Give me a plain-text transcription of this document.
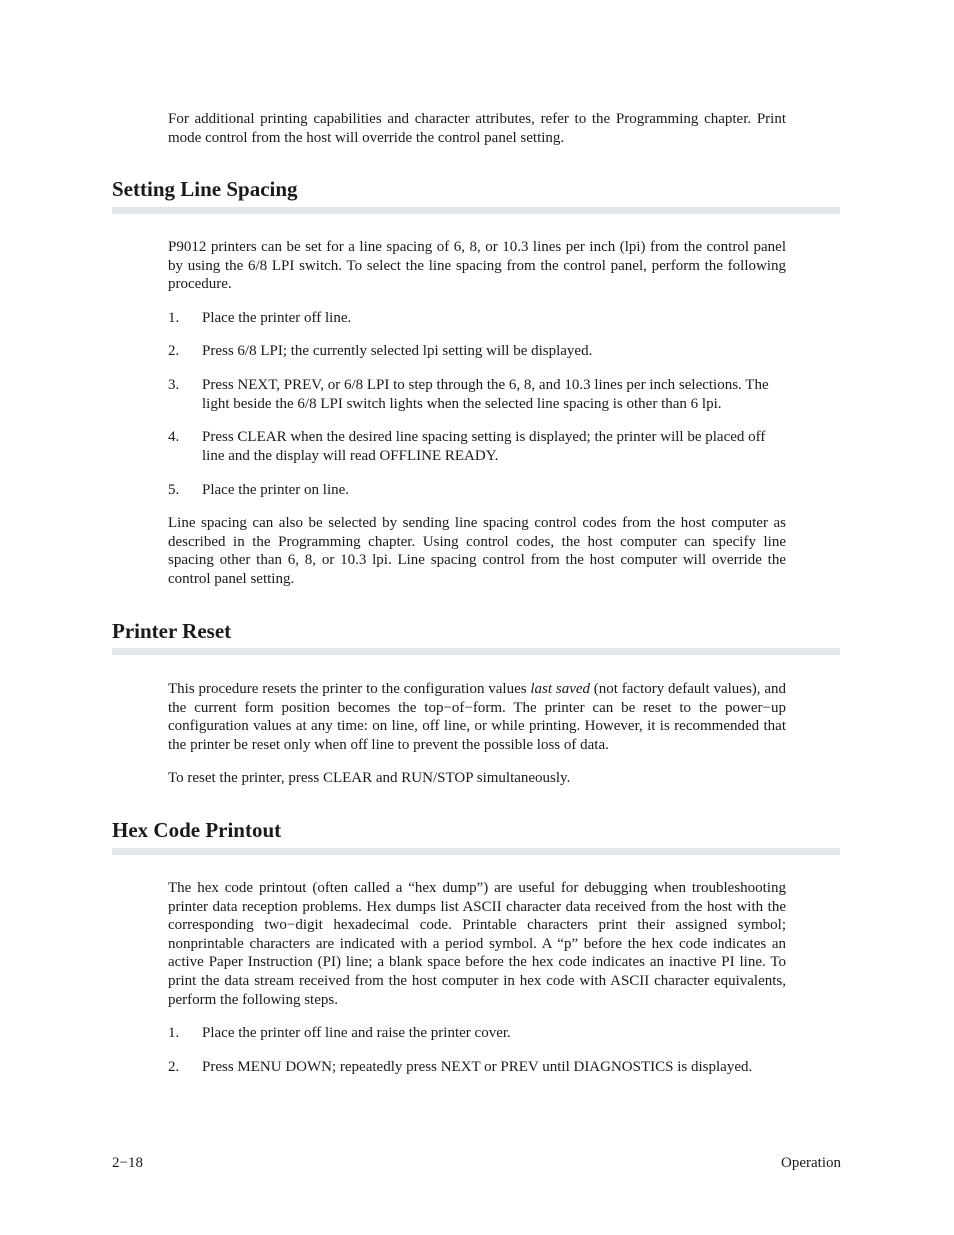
For additional printing capabilities and character attributes, refer to the Programming chapter. Print mode control from the host will override the control panel setting.
Setting Line Spacing
P9012 printers can be set for a line spacing of 6, 8, or 10.3 lines per inch (lpi) from the control panel by using the 6/8 LPI switch. To select the line spacing from the control panel, perform the following procedure.
1.	Place the printer off line.
2.	Press 6/8 LPI; the currently selected lpi setting will be displayed.
3.	Press NEXT, PREV, or 6/8 LPI to step through the 6, 8, and 10.3 lines per inch selections. The light beside the 6/8 LPI switch lights when the selected line spacing is other than 6 lpi.
4.	Press CLEAR when the desired line spacing setting is displayed; the printer will be placed off line and the display will read OFFLINE READY.
5.	Place the printer on line.
Line spacing can also be selected by sending line spacing control codes from the host computer as described in the Programming chapter. Using control codes, the host computer can specify line spacing other than 6, 8, or 10.3 lpi. Line spacing control from the host computer will override the control panel setting.
Printer Reset
This procedure resets the printer to the configuration values last saved (not factory default values), and the current form position becomes the top−of−form. The printer can be reset to the power−up configuration values at any time: on line, off line, or while printing. However, it is recommended that the printer be reset only when off line to prevent the possible loss of data.
To reset the printer, press CLEAR and RUN/STOP simultaneously.
Hex Code Printout
The hex code printout (often called a “hex dump”) are useful for debugging when troubleshooting printer data reception problems. Hex dumps list ASCII character data received from the host with the corresponding two−digit hexadecimal code. Printable characters print their assigned symbol; nonprintable characters are indicated with a period symbol. A “p” before the hex code indicates an active Paper Instruction (PI) line; a blank space before the hex code indicates an inactive PI line. To print the data stream received from the host computer in hex code with ASCII character equivalents, perform the following steps.
1.	Place the printer off line and raise the printer cover.
2.	Press MENU DOWN; repeatedly press NEXT or PREV until DIAGNOSTICS is displayed.
2−18	Operation
